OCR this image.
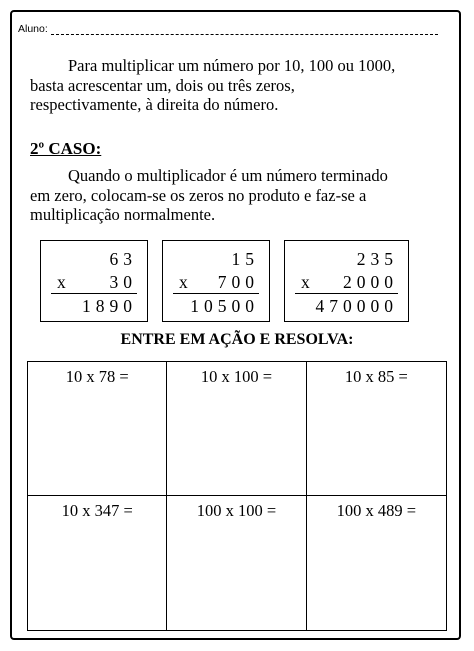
Aluno:
Para multiplicar um número por 10, 100 ou 1000,
basta acrescentar um, dois ou três zeros,
respectivamente, à direita do número.
2º CASO:
Quando o multiplicador é um número terminado
em zero, colocam-se os zeros no produto e faz-se a
multiplicação normalmente.
63
x 30
1890
15
x 700
10500
235
x 2000
470000
ENTRE EM AÇÃO E RESOLVA:
10 x 78 =	10 x 100 =	10 x 85 =
10 x 347 =	100 x 100 =	100 x 489 =
